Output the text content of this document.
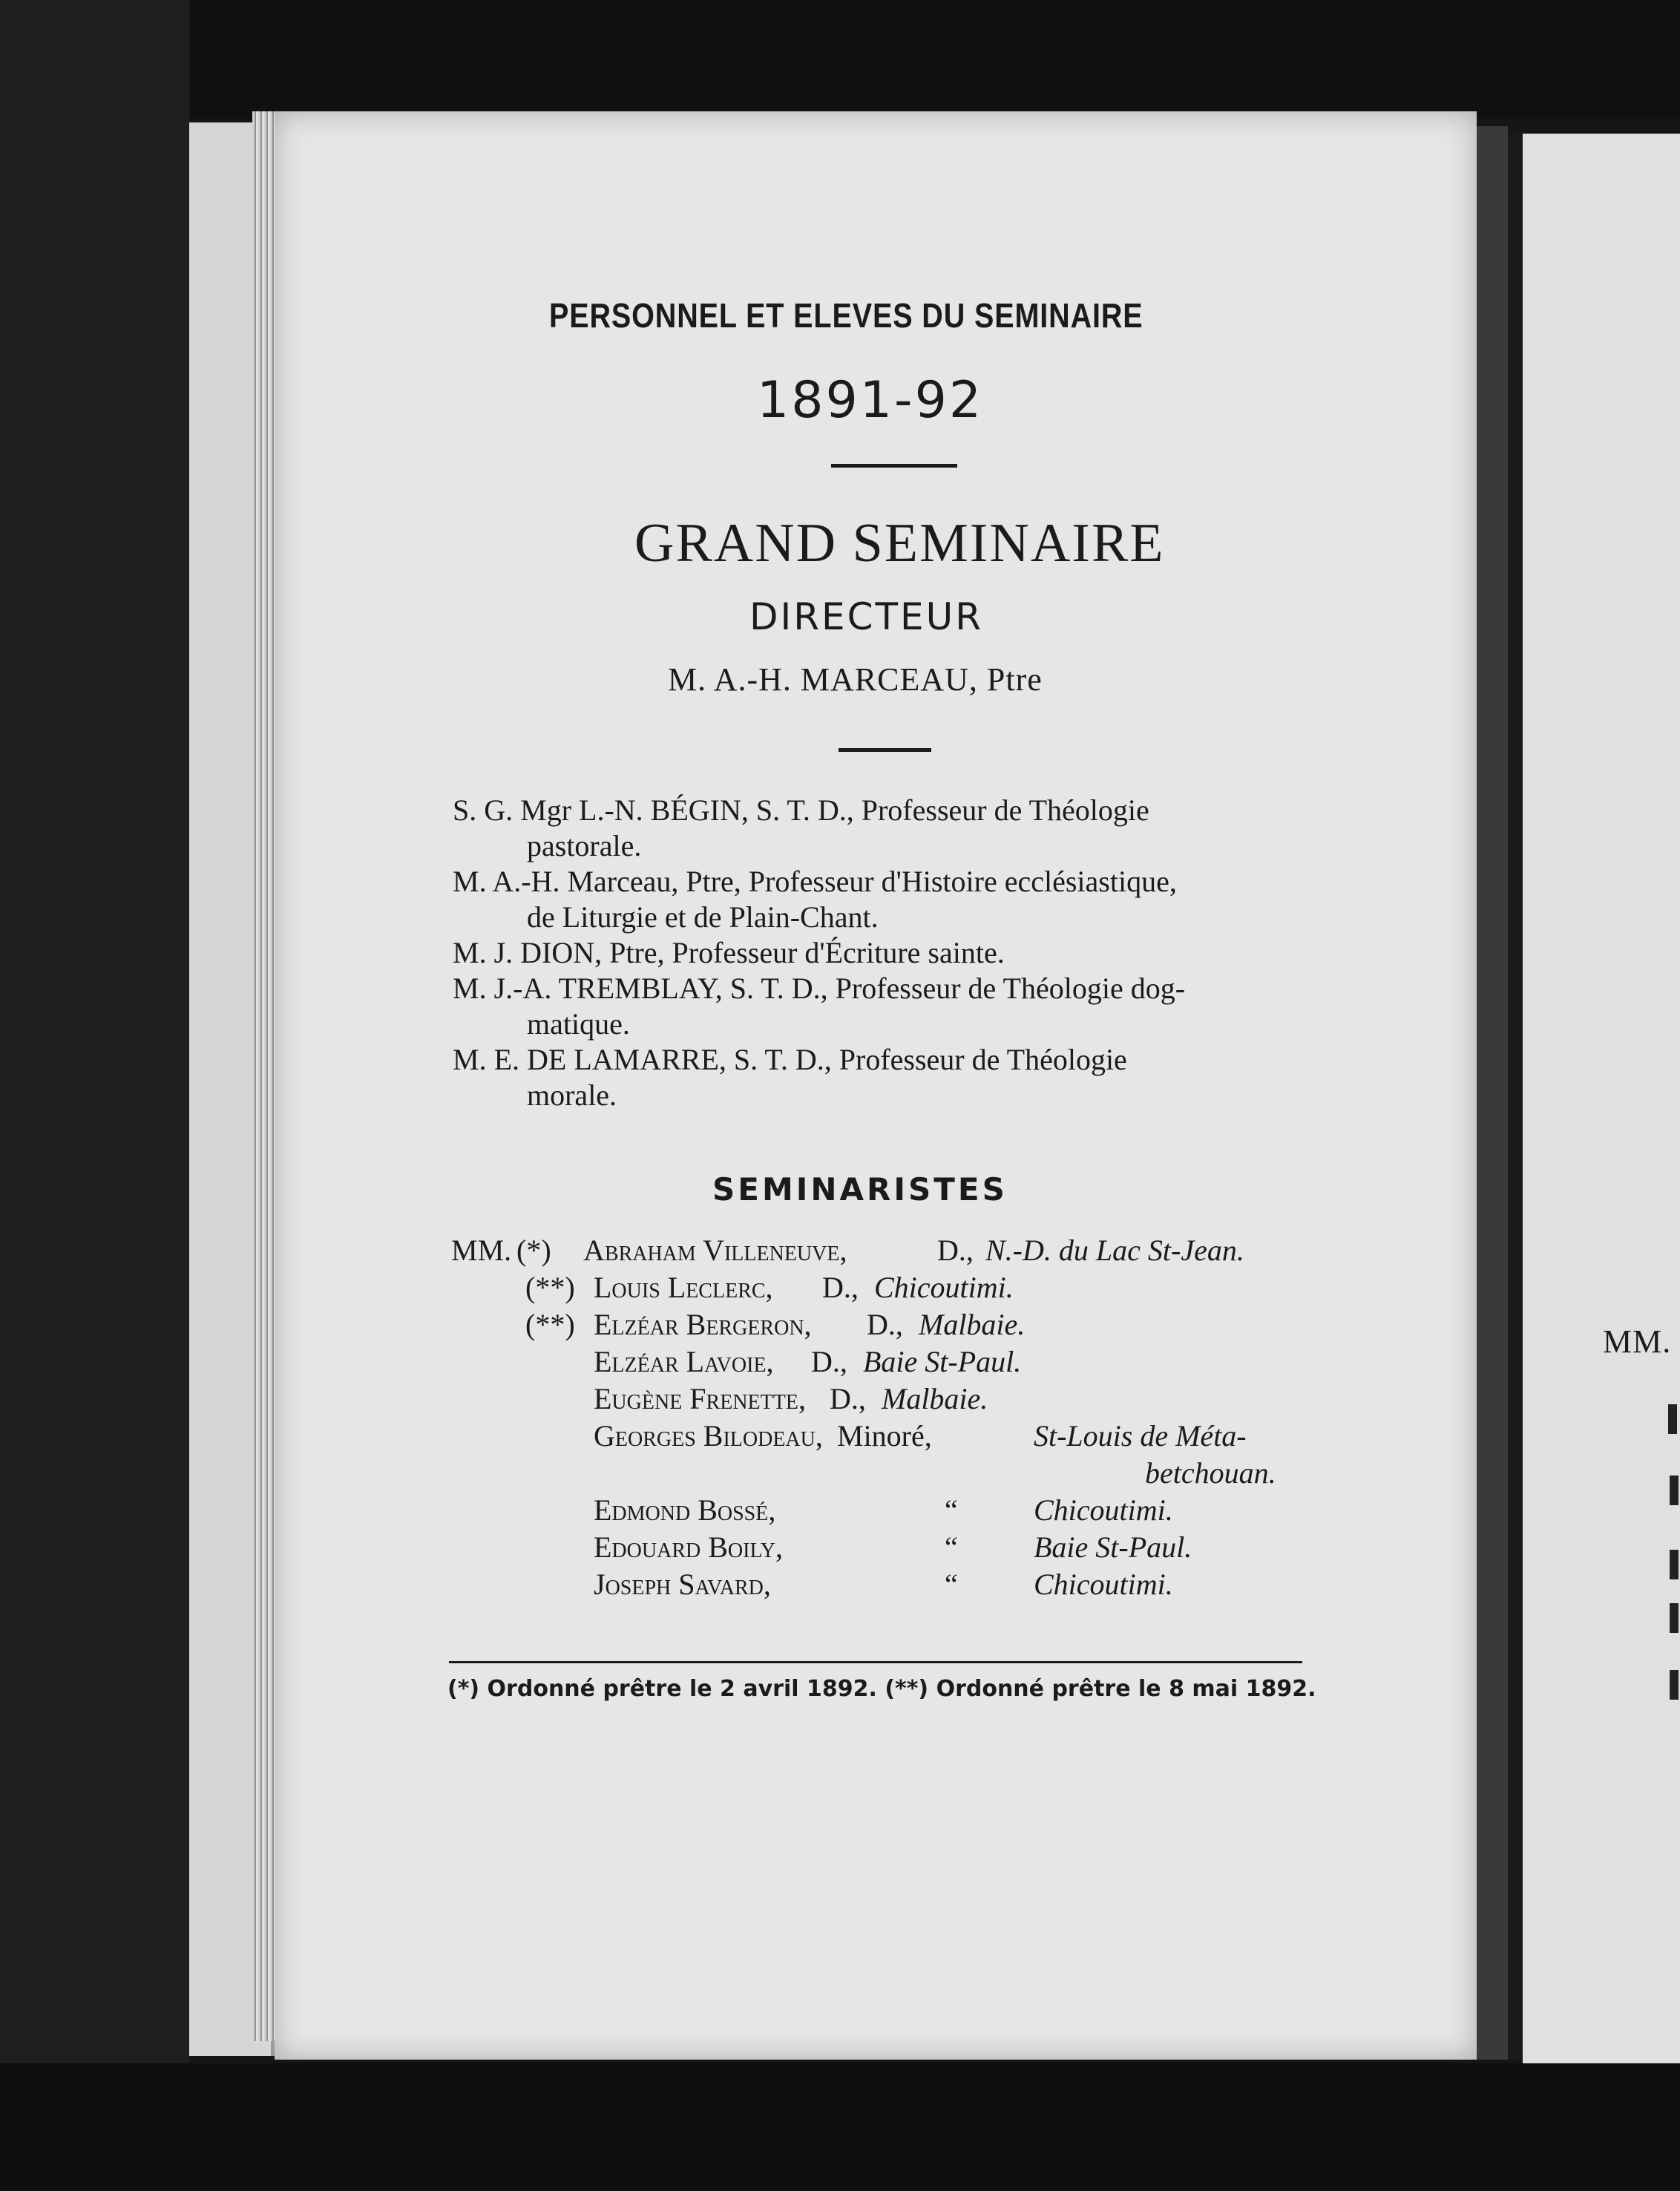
MM.
PERSONNEL ET ELEVES DU SEMINAIRE
1891-92
GRAND SEMINAIRE
DIRECTEUR
M. A.-H. MARCEAU, Ptre

S. G. Mgr L.-N. BÉGIN, S. T. D., Professeur de Théologie
pastorale.

M. A.-H. Marceau, Ptre, Professeur d'Histoire ecclésiastique,
de Liturgie et de Plain-Chant.

M. J. DION, Ptre, Professeur d'Écriture sainte.

M. J.-A. TREMBLAY, S. T. D., Professeur de Théologie dog-
matique.

M. E. DE LAMARRE, S. T. D., Professeur de Théologie
morale.

SEMINARISTES
MM. (*) Abraham Villeneuve,	D., N.-D. du Lac St-Jean.
(**) Louis Leclerc, D., Chicoutimi.
(**) Elzéar Bergeron, D., Malbaie.
Elzéar Lavoie, D., Baie St-Paul.
Eugène Frenette, D., Malbaie.
Georges Bilodeau, Minoré,	St-Louis de Méta-
betchouan.
Edmond Bossé,	“	Chicoutimi.
Edouard Boily,	“	Baie St-Paul.
Joseph Savard,	“	Chicoutimi.
(*) Ordonné prêtre le 2 avril 1892. (**) Ordonné prêtre le 8 mai 1892.
